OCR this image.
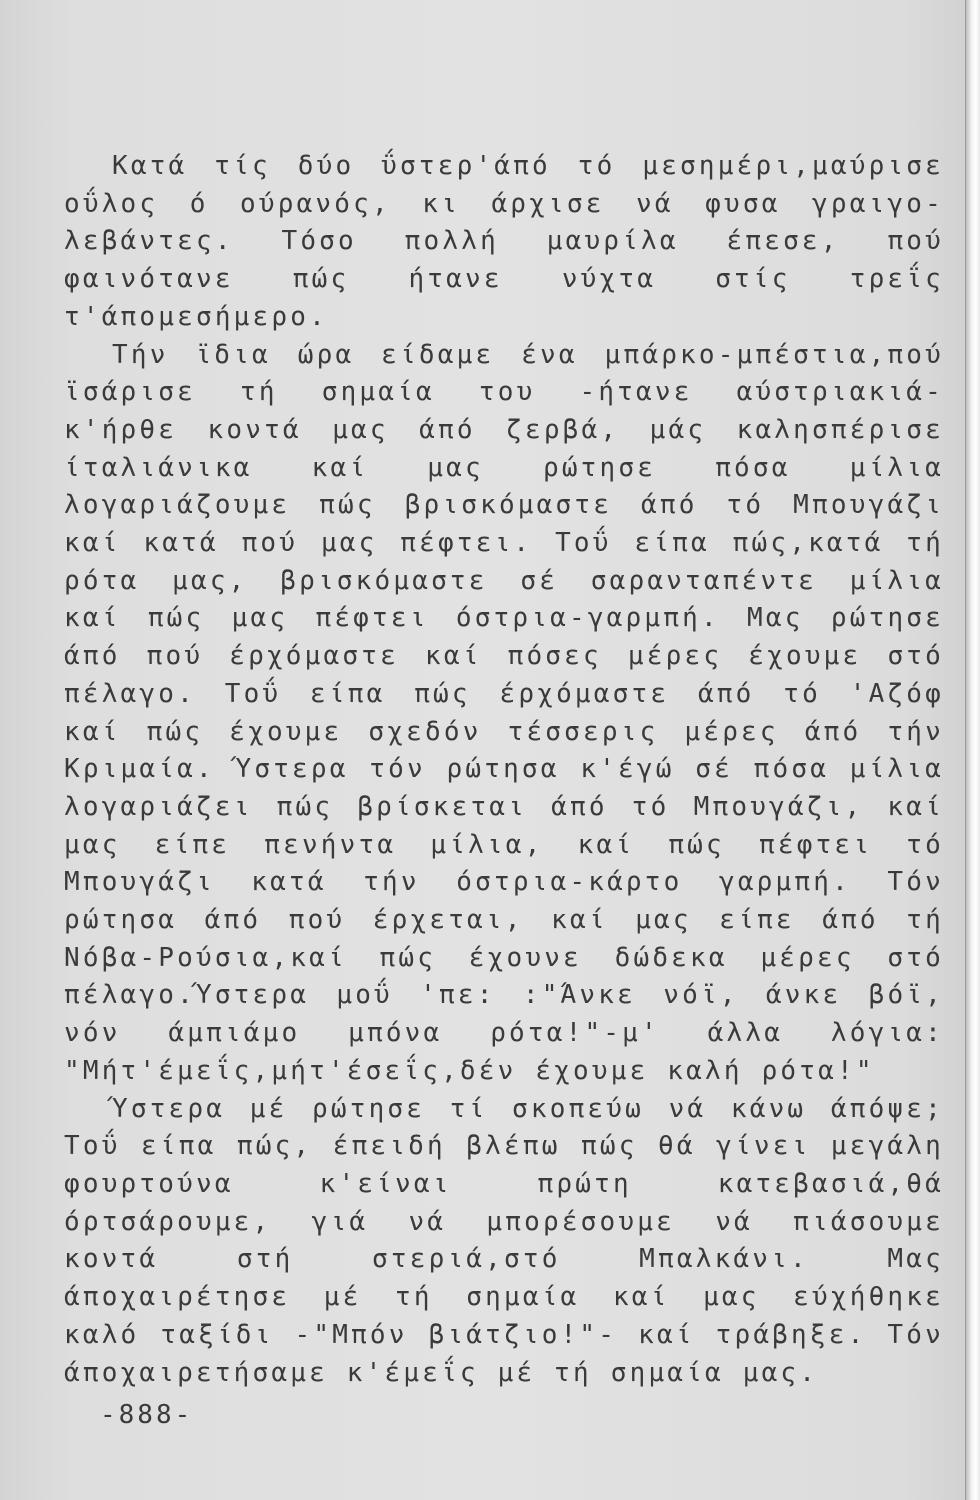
Κατά τίς δύο ΰστερ'άπό τό μεσημέρι,μαύρισε οΰλος ό ούρανός, κι άρχισε νά φυσα γραιγο-λεβάντες. Τόσο πολλή μαυρίλα έπεσε, πού φαινότανε πώς ήτανε νύχτα στίς τρεΐς τ'άπομεσήμερο.

Τήν ϊδια ώρα είδαμε ένα μπάρκο-μπέστια,πού ϊσάρισε τή σημαία του -ήτανε αύστριακιά- κ'ήρθε κοντά μας άπό ζερβά, μάς καλησπέρισε ίταλιάνικα καί μας ρώτησε πόσα μίλια λογαριάζουμε πώς βρισκόμαστε άπό τό Μπουγάζι καί κατά πού μας πέφτει. Τοΰ είπα πώς,κατά τή ρότα μας, βρισκόμαστε σέ σαρανταπέντε μίλια καί πώς μας πέφτει όστρια-γαρμπή. Μας ρώτησε άπό πού έρχόμαστε καί πόσες μέρες έχουμε στό πέλαγο. Τοΰ είπα πώς έρχόμαστε άπό τό 'Αζόφ καί πώς έχουμε σχεδόν τέσσερις μέρες άπό τήν Κριμαία. Ύστερα τόν ρώτησα κ'έγώ σέ πόσα μίλια λογαριάζει πώς βρίσκεται άπό τό Μπουγάζι, καί μας είπε πενήντα μίλια, καί πώς πέφτει τό Μπουγάζι κατά τήν όστρια-κάρτο γαρμπή. Τόν ρώτησα άπό πού έρχεται, καί μας είπε άπό τή Νόβα-Ρούσια,καί πώς έχουνε δώδεκα μέρες στό πέλαγο.Ύστερα μοΰ 'πε: :"Άνκε νόϊ, άνκε βόϊ, νόν άμπιάμο μπόνα ρότα!"-μ' άλλα λόγια: "Μήτ'έμεΐς,μήτ'έσεΐς,δέν έχουμε καλή ρότα!"

Ύστερα μέ ρώτησε τί σκοπεύω νά κάνω άπόψε; Τοΰ είπα πώς, έπειδή βλέπω πώς θά γίνει μεγάλη φουρτούνα κ'είναι πρώτη κατεβασιά,θά όρτσάρουμε, γιά νά μπορέσουμε νά πιάσουμε κοντά στή στεριά,στό Μπαλκάνι. Μας άποχαιρέτησε μέ τή σημαία καί μας εύχήθηκε καλό ταξίδι -"Μπόν βιάτζιο!"- καί τράβηξε. Τόν άποχαιρετήσαμε κ'έμεΐς μέ τή σημαία μας.

-888-
